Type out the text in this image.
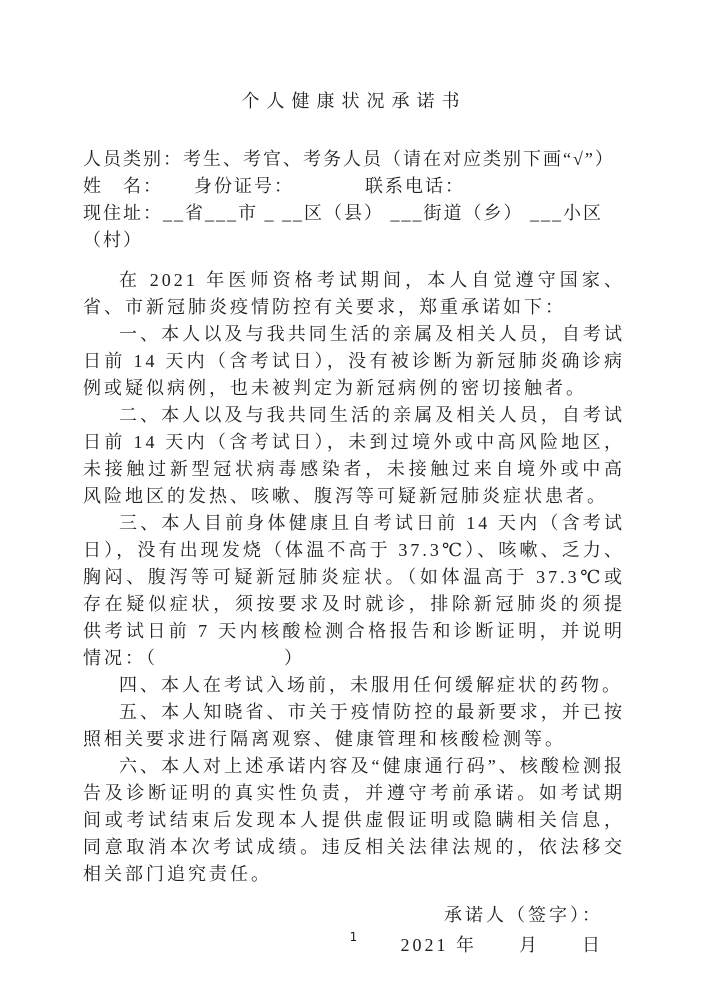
个人健康状况承诺书

人员类别：考生、考官、考务人员（请在对应类别下画“√”）

姓　名：　　身份证号：　　　　联系电话：

现住址：__省___市 _ __区（县） ___街道（乡） ___小区（村）

在 2021 年医师资格考试期间，本人自觉遵守国家、省、市新冠肺炎疫情防控有关要求，郑重承诺如下：

一、本人以及与我共同生活的亲属及相关人员，自考试日前 14 天内（含考试日），没有被诊断为新冠肺炎确诊病例或疑似病例，也未被判定为新冠病例的密切接触者。

二、本人以及与我共同生活的亲属及相关人员，自考试日前 14 天内（含考试日），未到过境外或中高风险地区，未接触过新型冠状病毒感染者，未接触过来自境外或中高风险地区的发热、咳嗽、腹泻等可疑新冠肺炎症状患者。

三、本人目前身体健康且自考试日前 14 天内（含考试日），没有出现发烧（体温不高于 37.3℃）、咳嗽、乏力、胸闷、腹泻等可疑新冠肺炎症状。（如体温高于 37.3℃或存在疑似症状，须按要求及时就诊，排除新冠肺炎的须提供考试日前 7 天内核酸检测合格报告和诊断证明，并说明情况：（　　　　　　）

四、本人在考试入场前，未服用任何缓解症状的药物。

五、本人知晓省、市关于疫情防控的最新要求，并已按照相关要求进行隔离观察、健康管理和核酸检测等。

六、本人对上述承诺内容及“健康通行码”、核酸检测报告及诊断证明的真实性负责，并遵守考前承诺。如考试期间或考试结束后发现本人提供虚假证明或隐瞒相关信息，同意取消本次考试成绩。违反相关法律法规的，依法移交相关部门追究责任。

承诺人（签字）：

2021 年　　月　　日

1
